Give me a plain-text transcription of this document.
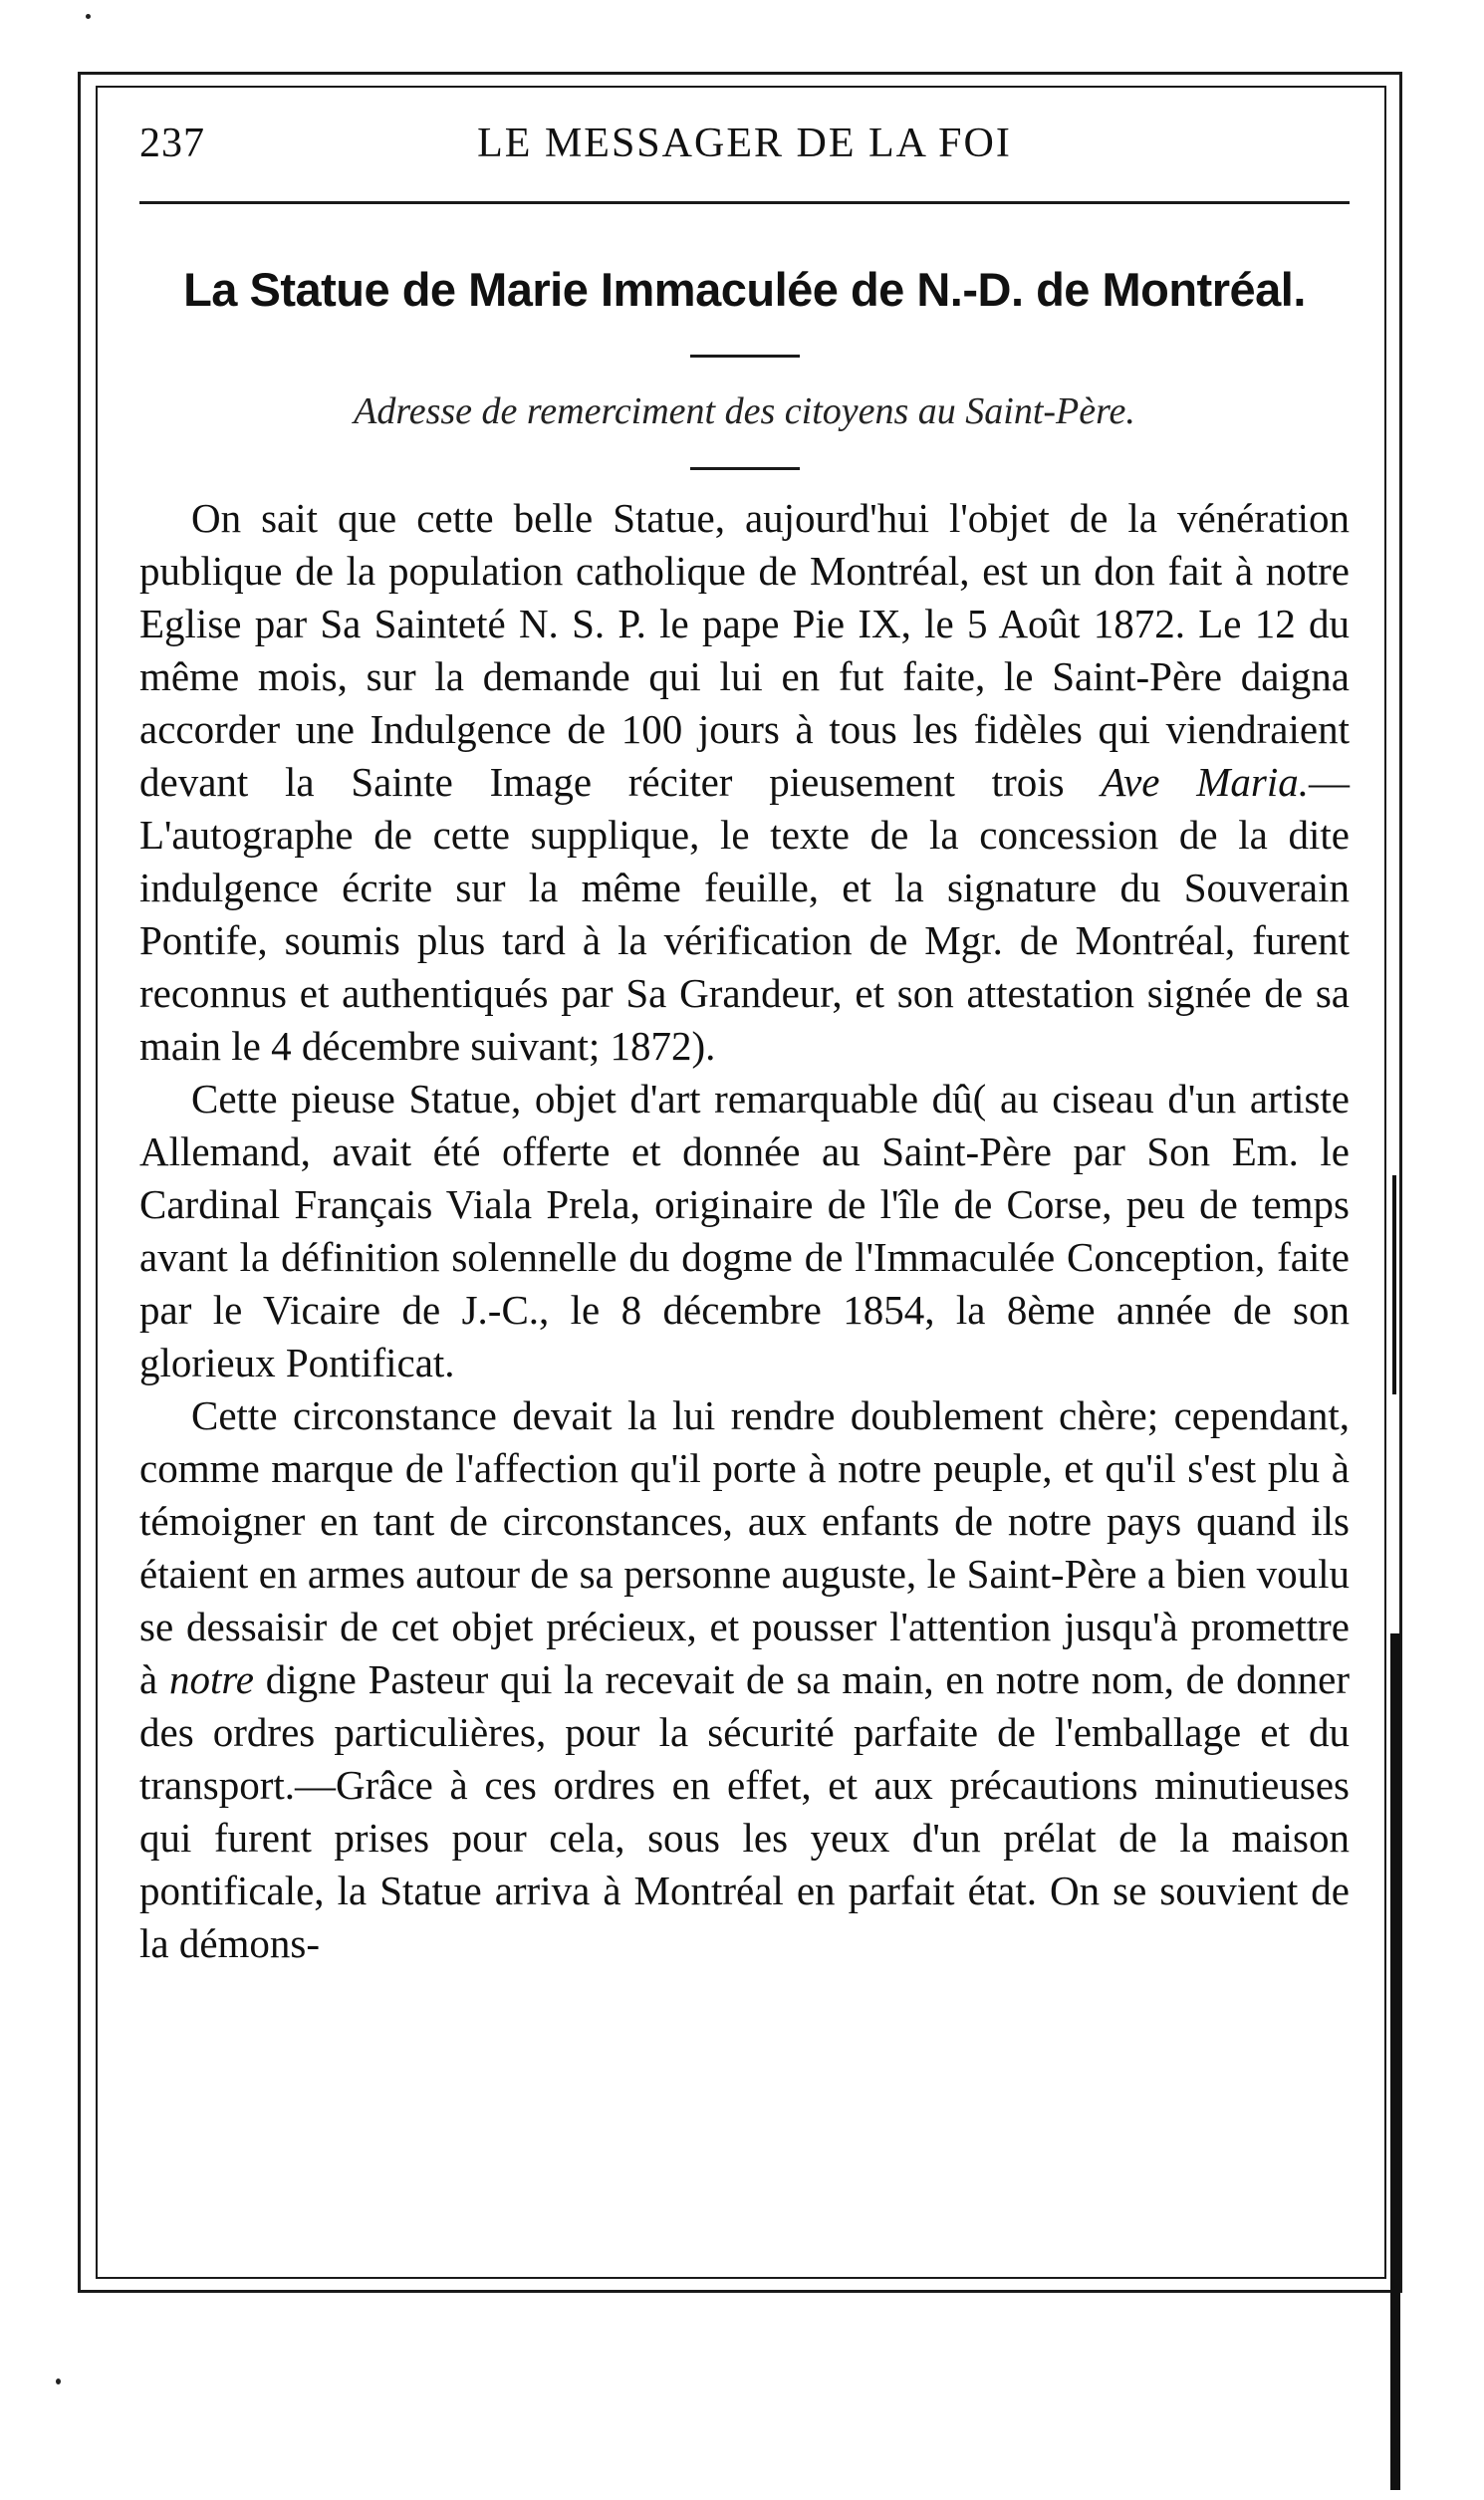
237	LE MESSAGER DE LA FOI
La Statue de Marie Immaculée de N.-D. de Montréal.
Adresse de remerciment des citoyens au Saint-Père.

On sait que cette belle Statue, aujourd'hui l'objet de la vénération publique de la population catholique de Montréal, est un don fait à notre Eglise par Sa Sainteté N. S. P. le pape Pie IX, le 5 Août 1872. Le 12 du même mois, sur la demande qui lui en fut faite, le Saint-Père daigna accorder une Indulgence de 100 jours à tous les fidèles qui viendraient devant la Sainte Image réciter pieusement trois Ave Maria.—L'autographe de cette supplique, le texte de la concession de la dite indulgence écrite sur la même feuille, et la signature du Souverain Pontife, soumis plus tard à la vérification de Mgr. de Montréal, furent reconnus et authentiqués par Sa Grandeur, et son attestation signée de sa main le 4 décembre suivant; 1872).

Cette pieuse Statue, objet d'art remarquable dû( au ciseau d'un artiste Allemand, avait été offerte et donnée au Saint-Père par Son Em. le Cardinal Français Viala Prela, originaire de l'île de Corse, peu de temps avant la définition solennelle du dogme de l'Immaculée Conception, faite par le Vicaire de J.-C., le 8 décembre 1854, la 8ème année de son glorieux Pontificat.

Cette circonstance devait la lui rendre doublement chère; cependant, comme marque de l'affection qu'il porte à notre peuple, et qu'il s'est plu à témoigner en tant de circonstances, aux enfants de notre pays quand ils étaient en armes autour de sa personne auguste, le Saint-Père a bien voulu se dessaisir de cet objet précieux, et pousser l'attention jusqu'à promettre à notre digne Pasteur qui la recevait de sa main, en notre nom, de donner des ordres particulières, pour la sécurité parfaite de l'emballage et du transport.—Grâce à ces ordres en effet, et aux précautions minutieuses qui furent prises pour cela, sous les yeux d'un prélat de la maison pontificale, la Statue arriva à Montréal en parfait état. On se souvient de la démons-
